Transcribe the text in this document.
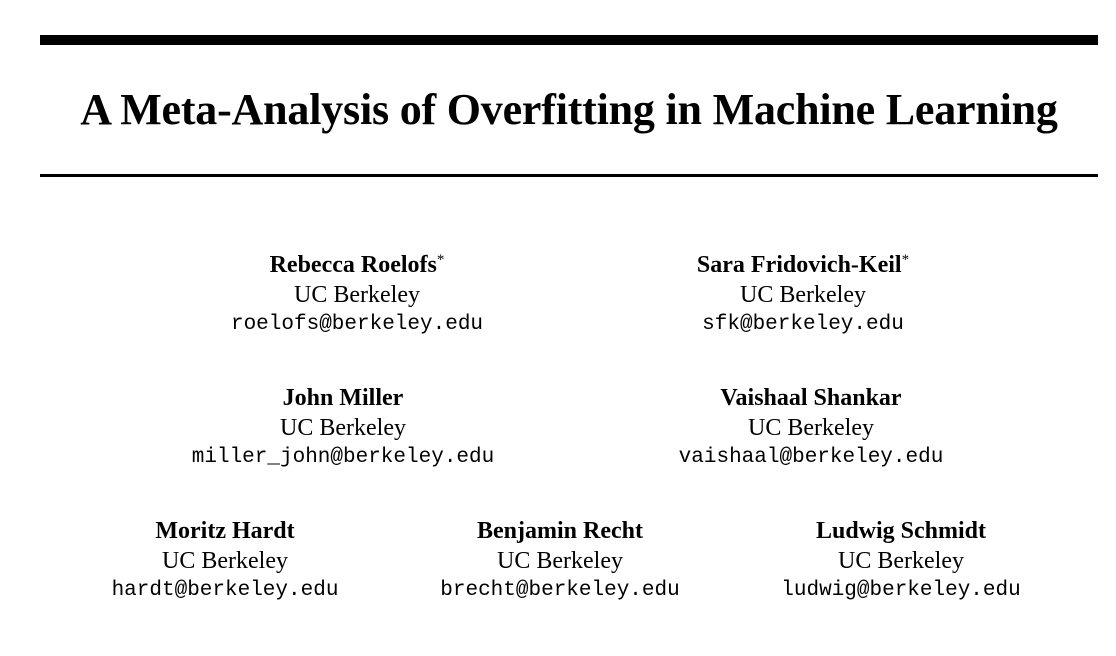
A Meta-Analysis of Overfitting in Machine Learning
Rebecca Roelofs*
UC Berkeley
roelofs@berkeley.edu
Sara Fridovich-Keil*
UC Berkeley
sfk@berkeley.edu
John Miller
UC Berkeley
miller_john@berkeley.edu
Vaishaal Shankar
UC Berkeley
vaishaal@berkeley.edu
Moritz Hardt
UC Berkeley
hardt@berkeley.edu
Benjamin Recht
UC Berkeley
brecht@berkeley.edu
Ludwig Schmidt
UC Berkeley
ludwig@berkeley.edu
